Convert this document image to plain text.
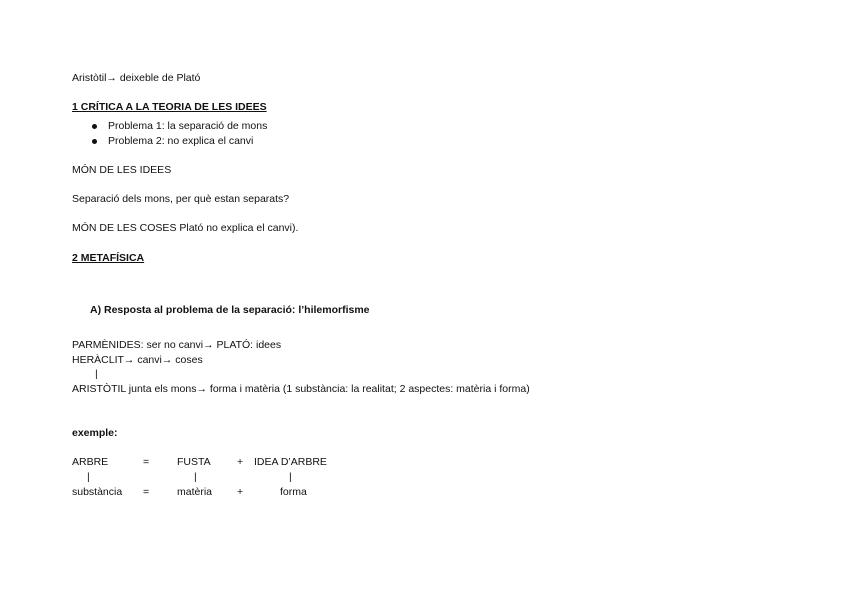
Aristòtil→ deixeble de Plató
1 CRÍTICA A LA TEORIA DE LES IDEES
Problema 1: la separació de mons
Problema 2: no explica el canvi
MÓN DE LES IDEES
Separació dels mons, per què estan separats?
MÓN DE LES COSES Plató no explica el canvi).
2 METAFÍSICA
A) Resposta al problema de la separació: l’hilemorfisme
PARMÈNIDES: ser no canvi→ PLATÓ: idees
HERÀCLIT→ canvi→ coses
|
ARISTÒTIL junta els mons→ forma i matèria (1 substància: la realitat; 2 aspectes: matèria i forma)
exemple:
ARBRE	=	FUSTA	+ IDEA D’ARBRE
|	|	|
substància =	matèria +	forma
